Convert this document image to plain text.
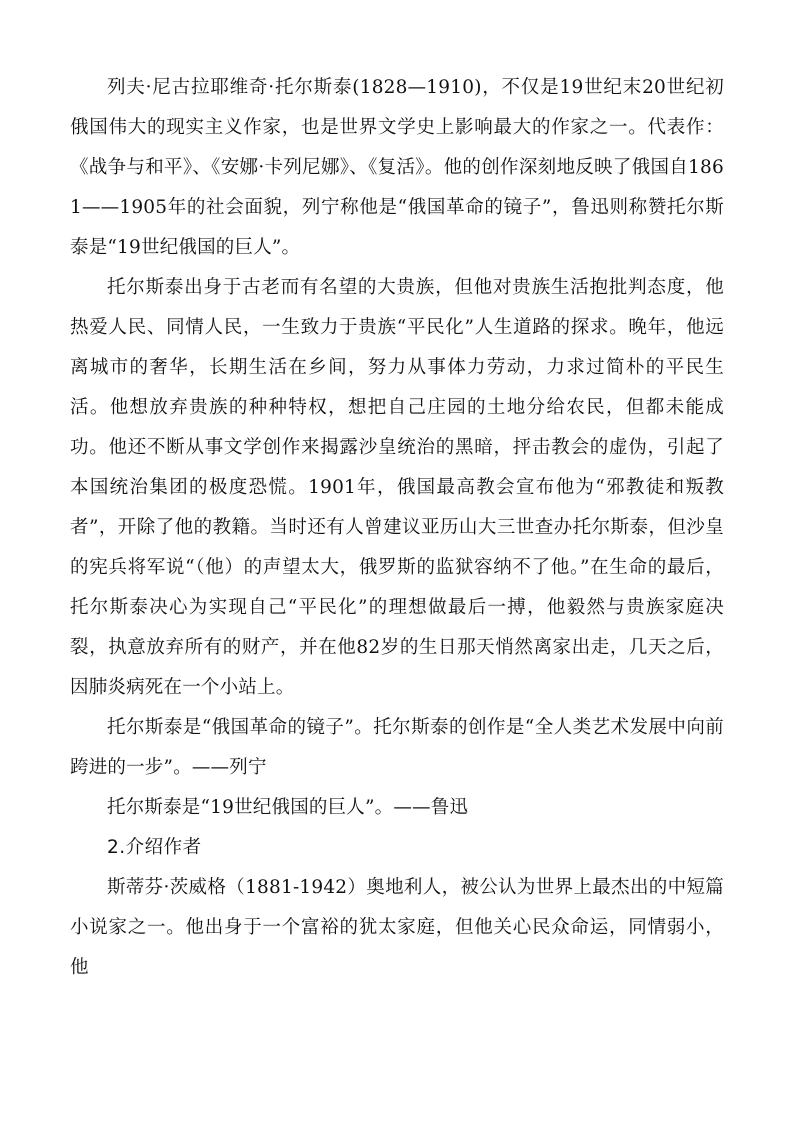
列夫·尼古拉耶维奇·托尔斯泰(1828—1910)，不仅是19世纪末20世纪初俄国伟大的现实主义作家，也是世界文学史上影响最大的作家之一。代表作：《战争与和平》、《安娜·卡列尼娜》、《复活》。他的创作深刻地反映了俄国自1861——1905年的社会面貌，列宁称他是“俄国革命的镜子”，鲁迅则称赞托尔斯泰是“19世纪俄国的巨人”。

托尔斯泰出身于古老而有名望的大贵族，但他对贵族生活抱批判态度，他热爱人民、同情人民，一生致力于贵族“平民化”人生道路的探求。晚年，他远离城市的奢华，长期生活在乡间，努力从事体力劳动，力求过简朴的平民生活。他想放弃贵族的种种特权，想把自己庄园的土地分给农民，但都未能成功。他还不断从事文学创作来揭露沙皇统治的黑暗，抨击教会的虚伪，引起了本国统治集团的极度恐慌。1901年，俄国最高教会宣布他为“邪教徒和叛教者”，开除了他的教籍。当时还有人曾建议亚历山大三世查办托尔斯泰，但沙皇的宪兵将军说“（他）的声望太大，俄罗斯的监狱容纳不了他。”在生命的最后，托尔斯泰决心为实现自己“平民化”的理想做最后一搏，他毅然与贵族家庭决裂，执意放弃所有的财产，并在他82岁的生日那天悄然离家出走，几天之后，因肺炎病死在一个小站上。

托尔斯泰是“俄国革命的镜子”。托尔斯泰的创作是“全人类艺术发展中向前跨进的一步”。——列宁

托尔斯泰是“19世纪俄国的巨人”。——鲁迅

2.介绍作者

斯蒂芬·茨威格（1881-1942）奥地利人，被公认为世界上最杰出的中短篇小说家之一。他出身于一个富裕的犹太家庭，但他关心民众命运，同情弱小，他
